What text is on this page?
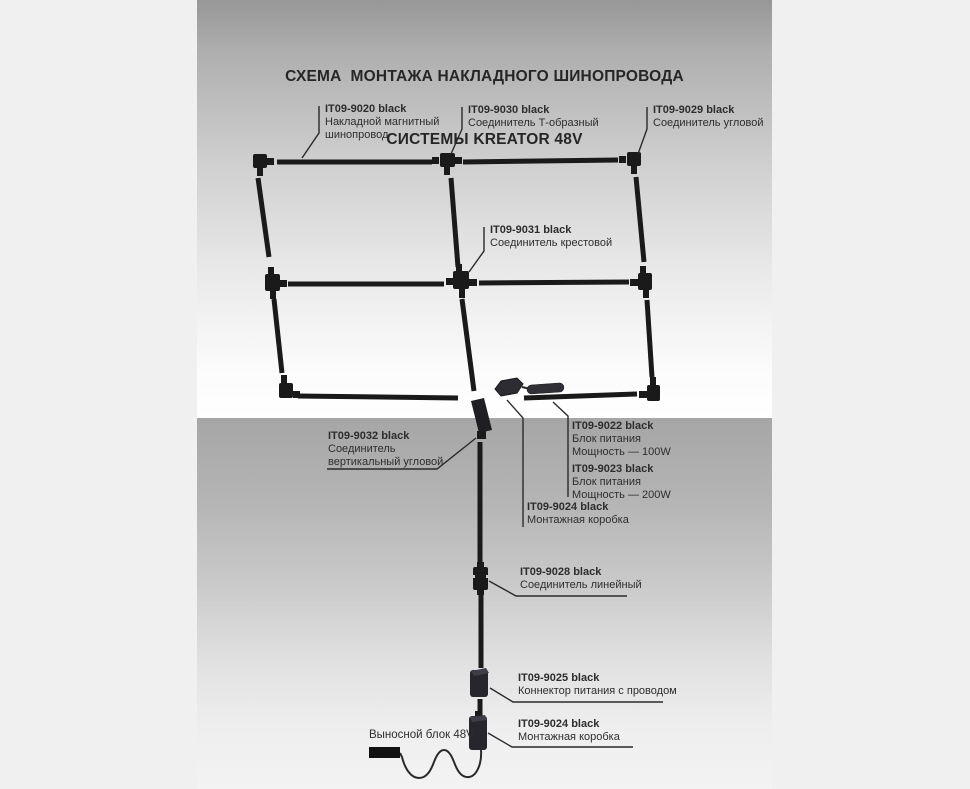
СХЕМА  МОНТАЖА НАКЛАДНОГО ШИНОПРОВОДА

СИСТЕМЫ KREATOR 48V

IT09-9020 black
Накладной магнитный
шинопровод
IT09-9030 black
Соединитель Т-образный
IT09-9029 black
Соединитель угловой
IT09-9031 black
Соединитель крестовой
IT09-9032 black
Соединитель
вертикальный угловой
IT09-9022 black
Блок питания
Мощность — 100W
IT09-9023 black
Блок питания
Мощность — 200W
IT09-9024 black
Монтажная коробка
IT09-9028 black
Соединитель линейный
IT09-9025 black
Коннектор питания с проводом
IT09-9024 black
Монтажная коробка
Выносной блок 48V
